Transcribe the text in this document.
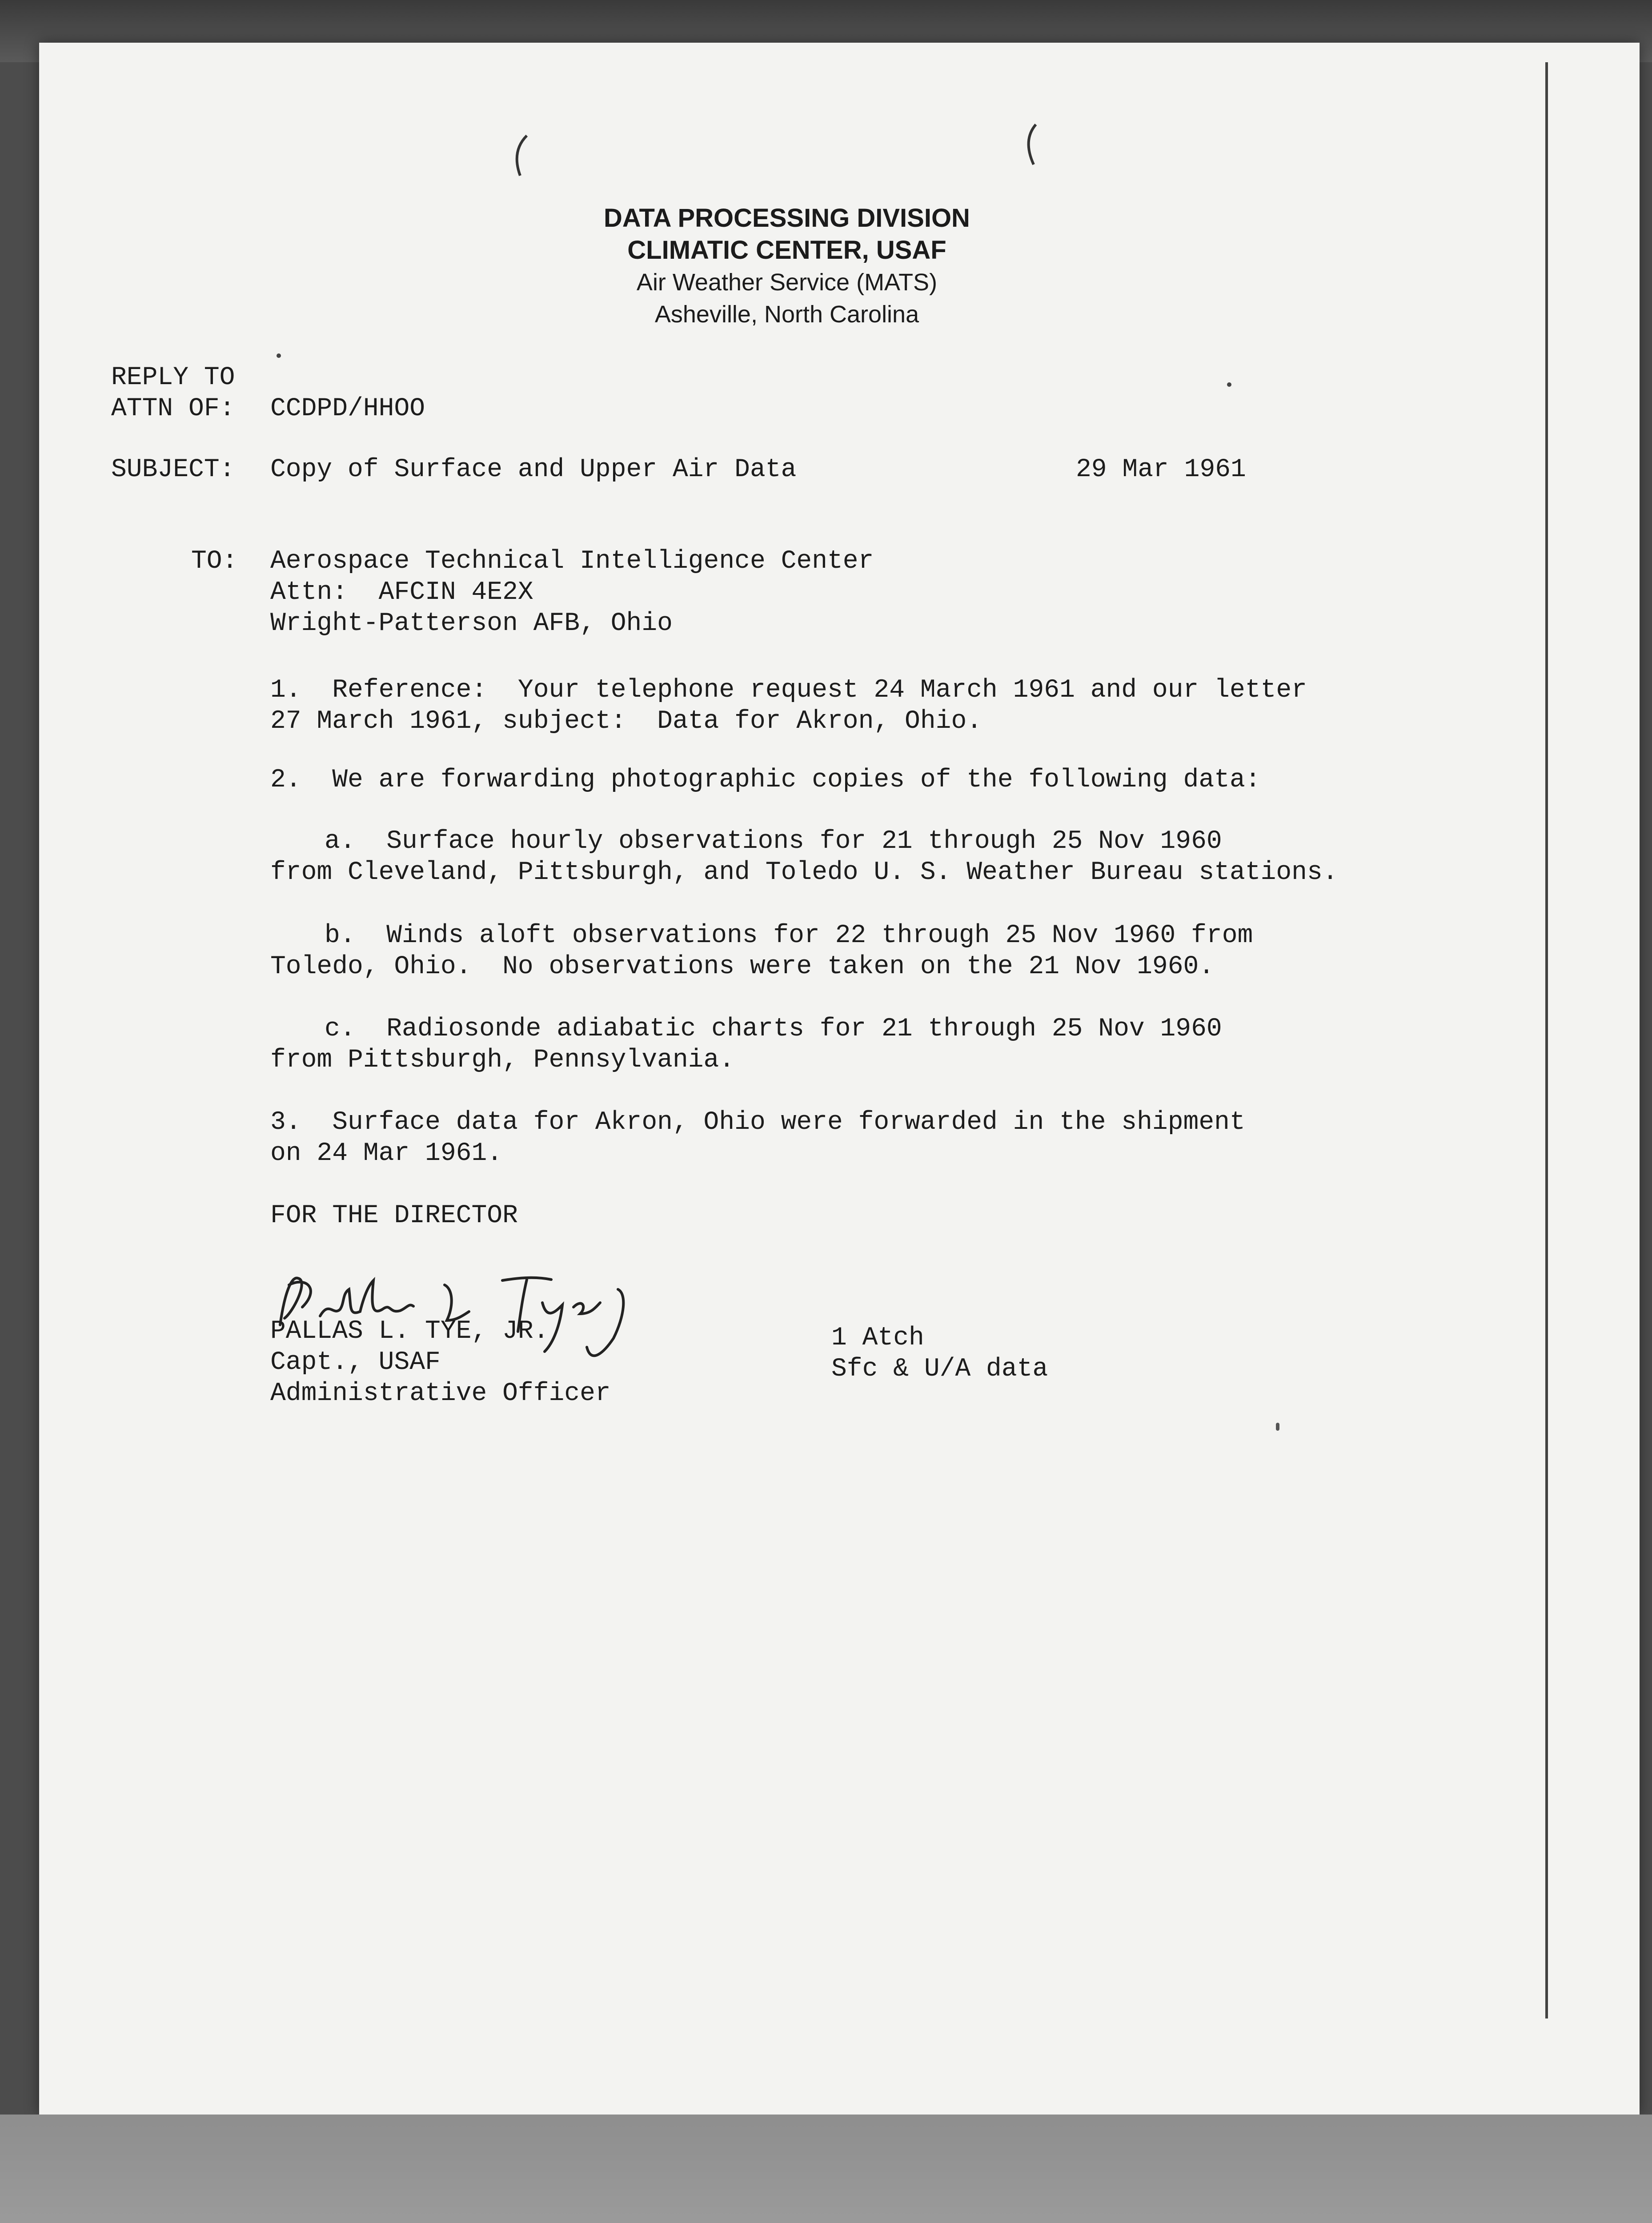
DATA PROCESSING DIVISION
CLIMATIC CENTER, USAF
Air Weather Service (MATS)
Asheville, North Carolina
REPLY TO
ATTN OF: CCDPD/HHOO
SUBJECT: Copy of Surface and Upper Air Data	29 Mar 1961
TO: Aerospace Technical Intelligence Center
Attn:  AFCIN 4E2X
Wright-Patterson AFB, Ohio
1.  Reference:  Your telephone request 24 March 1961 and our letter
27 March 1961, subject:  Data for Akron, Ohio.
2.  We are forwarding photographic copies of the following data:
a.  Surface hourly observations for 21 through 25 Nov 1960
from Cleveland, Pittsburgh, and Toledo U. S. Weather Bureau stations.
b.  Winds aloft observations for 22 through 25 Nov 1960 from
Toledo, Ohio.  No observations were taken on the 21 Nov 1960.
c.  Radiosonde adiabatic charts for 21 through 25 Nov 1960
from Pittsburgh, Pennsylvania.
3.  Surface data for Akron, Ohio were forwarded in the shipment
on 24 Mar 1961.
FOR THE DIRECTOR
PALLAS L. TYE, JR.
Capt., USAF
Administrative Officer
1 Atch
Sfc & U/A data
